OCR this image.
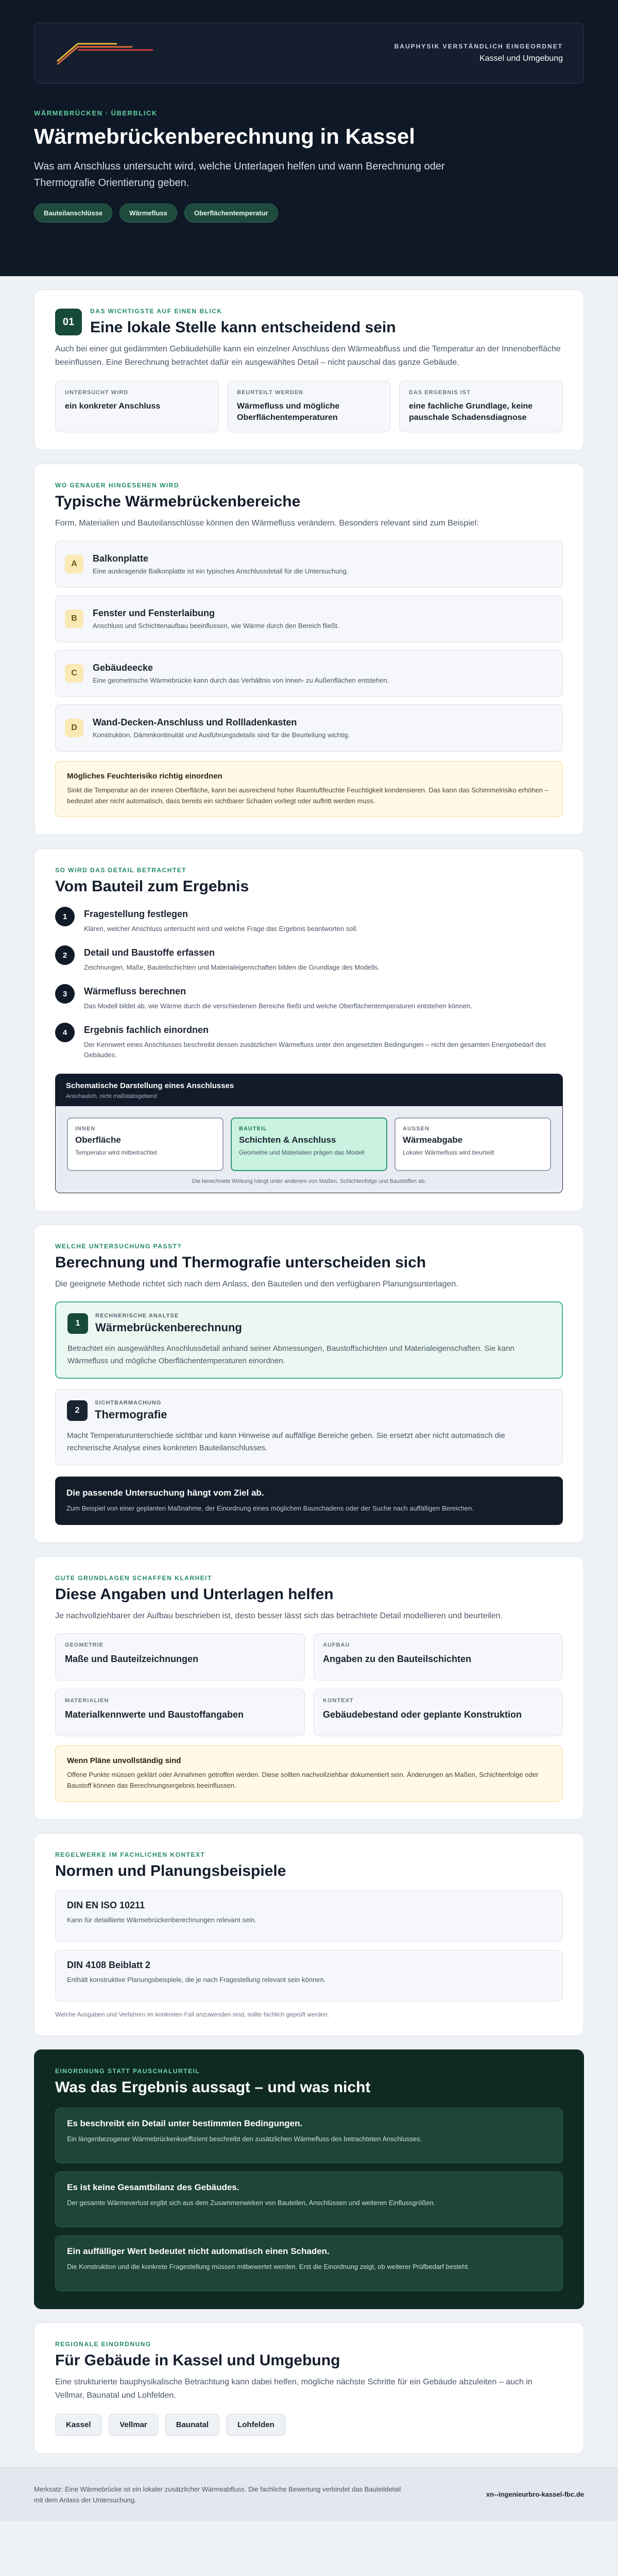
BAUPHYSIK VERSTÄNDLICH EINGEORDNET
Kassel und Umgebung
WÄRMEBRÜCKEN · ÜBERBLICK
Wärmebrückenberechnung in Kassel
Was am Anschluss untersucht wird, welche Unterlagen helfen und wann Berechnung oder Thermografie Orientierung geben.
Bauteilanschlüsse	Wärmefluss	Oberflächentemperatur
01
DAS WICHTIGSTE AUF EINEN BLICK
Eine lokale Stelle kann entscheidend sein
Auch bei einer gut gedämmten Gebäudehülle kann ein einzelner Anschluss den Wärmeabfluss und die Temperatur an der Innenoberfläche beeinflussen. Eine Berechnung betrachtet dafür ein ausgewähltes Detail – nicht pauschal das ganze Gebäude.
UNTERSUCHT WIRD
ein konkreter Anschluss
BEURTEILT WERDEN
Wärmefluss und mögliche Oberflächentemperaturen
DAS ERGEBNIS IST
eine fachliche Grundlage, keine pauschale Schadensdiagnose
WO GENAUER HINGESEHEN WIRD
Typische Wärmebrückenbereiche
Form, Materialien und Bauteilanschlüsse können den Wärmefluss verändern. Besonders relevant sind zum Beispiel:
A
Balkonplatte
Eine auskragende Balkonplatte ist ein typisches Anschlussdetail für die Untersuchung.
B
Fenster und Fensterlaibung
Anschluss und Schichtenaufbau beeinflussen, wie Wärme durch den Bereich fließt.
C
Gebäudeecke
Eine geometrische Wärmebrücke kann durch das Verhältnis von Innen- zu Außenflächen entstehen.
D
Wand-Decken-Anschluss und Rollladenkasten
Konstruktion, Dämmkontinuität und Ausführungsdetails sind für die Beurteilung wichtig.
Mögliches Feuchterisiko richtig einordnen
Sinkt die Temperatur an der inneren Oberfläche, kann bei ausreichend hoher Raumluftfeuchte Feuchtigkeit kondensieren. Das kann das Schimmelrisiko erhöhen – bedeutet aber nicht automatisch, dass bereits ein sichtbarer Schaden vorliegt oder auftritt werden muss.
SO WIRD DAS DETAIL BETRACHTET
Vom Bauteil zum Ergebnis
1	Fragestellung festlegen
Klären, welcher Anschluss untersucht wird und welche Frage das Ergebnis beantworten soll.
2	Detail und Baustoffe erfassen
Zeichnungen, Maße, Bauteilschichten und Materialeigenschaften bilden die Grundlage des Modells.
3	Wärmefluss berechnen
Das Modell bildet ab, wie Wärme durch die verschiedenen Bereiche fließt und welche Oberflächentemperaturen entstehen können.
4	Ergebnis fachlich einordnen
Der Kennwert eines Anschlusses beschreibt dessen zusätzlichen Wärmefluss unter den angesetzten Bedingungen – nicht den gesamten Energiebedarf des Gebäudes.
Schematische Darstellung eines Anschlusses
Anschaulich, nicht maßstabsgebend
INNEN
Oberfläche
Temperatur wird mitbetrachtet
BAUTEIL
Schichten & Anschluss
Geometrie und Materialien prägen das Modell
AUSSEN
Wärmeabgabe
Lokaler Wärmefluss wird beurteilt
Die berechnete Wirkung hängt unter anderem von Maßen, Schichtenfolge und Baustoffen ab.
WELCHE UNTERSUCHUNG PASST?
Berechnung und Thermografie unterscheiden sich
Die geeignete Methode richtet sich nach dem Anlass, den Bauteilen und den verfügbaren Planungsunterlagen.
1
RECHNERISCHE ANALYSE
Wärmebrückenberechnung
Betrachtet ein ausgewähltes Anschlussdetail anhand seiner Abmessungen, Baustoffschichten und Materialeigenschaften. Sie kann Wärmefluss und mögliche Oberflächentemperaturen einordnen.
2
SICHTBARMACHUNG
Thermografie
Macht Temperaturunterschiede sichtbar und kann Hinweise auf auffällige Bereiche geben. Sie ersetzt aber nicht automatisch die rechnerische Analyse eines konkreten Bauteilanschlusses.
Die passende Untersuchung hängt vom Ziel ab.
Zum Beispiel von einer geplanten Maßnahme, der Einordnung eines möglichen Bauschadens oder der Suche nach auffälligen Bereichen.
GUTE GRUNDLAGEN SCHAFFEN KLARHEIT
Diese Angaben und Unterlagen helfen
Je nachvollziehbarer der Aufbau beschrieben ist, desto besser lässt sich das betrachtete Detail modellieren und beurteilen.
GEOMETRIE
Maße und Bauteilzeichnungen
AUFBAU
Angaben zu den Bauteilschichten
MATERIALIEN
Materialkennwerte und Baustoffangaben
KONTEXT
Gebäudebestand oder geplante Konstruktion
Wenn Pläne unvollständig sind
Offene Punkte müssen geklärt oder Annahmen getroffen werden. Diese sollten nachvollziehbar dokumentiert sein. Änderungen an Maßen, Schichtenfolge oder Baustoff können das Berechnungsergebnis beeinflussen.
REGELWERKE IM FACHLICHEN KONTEXT
Normen und Planungsbeispiele
DIN EN ISO 10211
Kann für detaillierte Wärmebrückenberechnungen relevant sein.
DIN 4108 Beiblatt 2
Enthält konstruktive Planungsbeispiele, die je nach Fragestellung relevant sein können.
Welche Ausgaben und Verfahren im konkreten Fall anzuwenden sind, sollte fachlich geprüft werden.
EINORDNUNG STATT PAUSCHALURTEIL
Was das Ergebnis aussagt – und was nicht
Es beschreibt ein Detail unter bestimmten Bedingungen.
Ein längenbezogener Wärmebrückenkoeffizient beschreibt den zusätzlichen Wärmefluss des betrachteten Anschlusses.
Es ist keine Gesamtbilanz des Gebäudes.
Der gesamte Wärmeverlust ergibt sich aus dem Zusammenwirken von Bauteilen, Anschlüssen und weiteren Einflussgrößen.
Ein auffälliger Wert bedeutet nicht automatisch einen Schaden.
Die Konstruktion und die konkrete Fragestellung müssen mitbewertet werden. Erst die Einordnung zeigt, ob weiterer Prüfbedarf besteht.
REGIONALE EINORDNUNG
Für Gebäude in Kassel und Umgebung
Eine strukturierte bauphysikalische Betrachtung kann dabei helfen, mögliche nächste Schritte für ein Gebäude abzuleiten – auch in Vellmar, Baunatal und Lohfelden.
Kassel	Vellmar	Baunatal	Lohfelden
Merksatz: Eine Wärmebrücke ist ein lokaler zusätzlicher Wärmeabfluss. Die fachliche Bewertung verbindet das Bauteildetail mit dem Anlass der Untersuchung.
xn--ingenieurbro-kassel-fbc.de
